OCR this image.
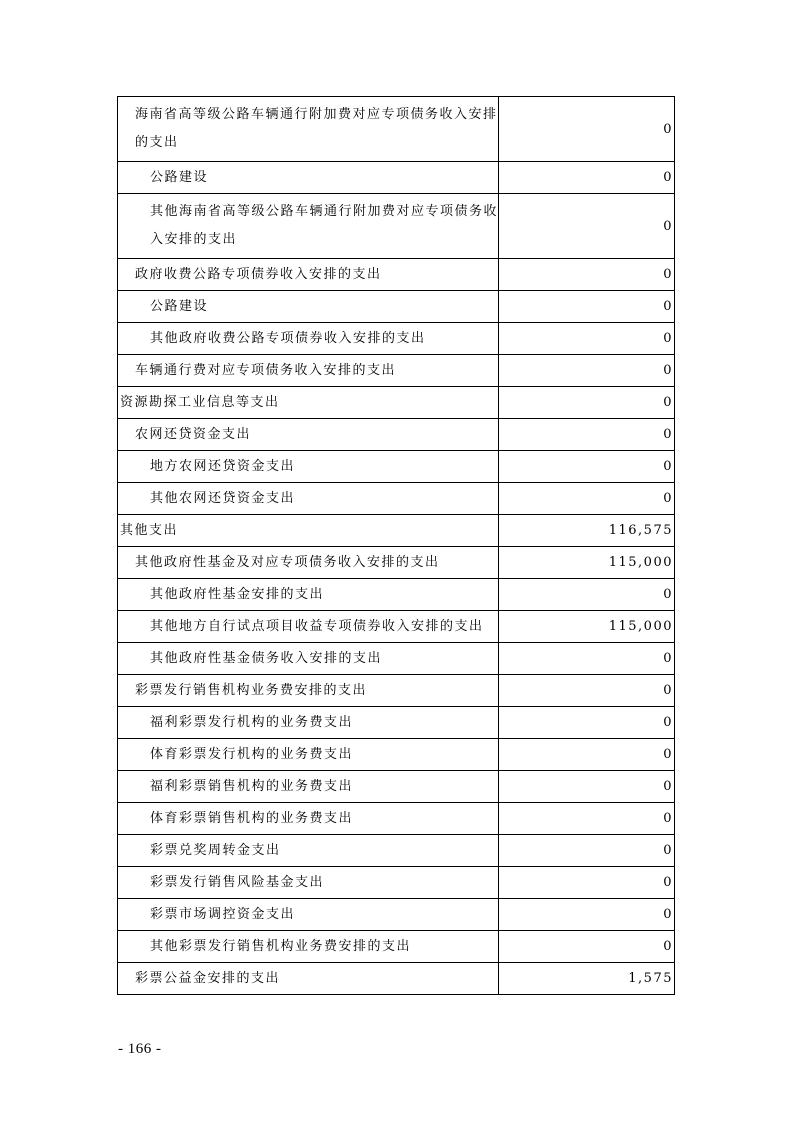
海南省高等级公路车辆通行附加费对应专项债务收入安排的支出	0
公路建设	0

其他海南省高等级公路车辆通行附加费对应专项债务收入安排的支出	0
政府收费公路专项债券收入安排的支出	0
公路建设	0
其他政府收费公路专项债券收入安排的支出	0
车辆通行费对应专项债务收入安排的支出	0
资源勘探工业信息等支出	0
农网还贷资金支出	0
地方农网还贷资金支出	0
其他农网还贷资金支出	0
其他支出	116,575
其他政府性基金及对应专项债务收入安排的支出	115,000
其他政府性基金安排的支出	0
其他地方自行试点项目收益专项债券收入安排的支出	115,000
其他政府性基金债务收入安排的支出	0
彩票发行销售机构业务费安排的支出	0
福利彩票发行机构的业务费支出	0
体育彩票发行机构的业务费支出	0
福利彩票销售机构的业务费支出	0
体育彩票销售机构的业务费支出	0
彩票兑奖周转金支出	0
彩票发行销售风险基金支出	0
彩票市场调控资金支出	0
其他彩票发行销售机构业务费安排的支出	0
彩票公益金安排的支出	1,575
- 166 -
